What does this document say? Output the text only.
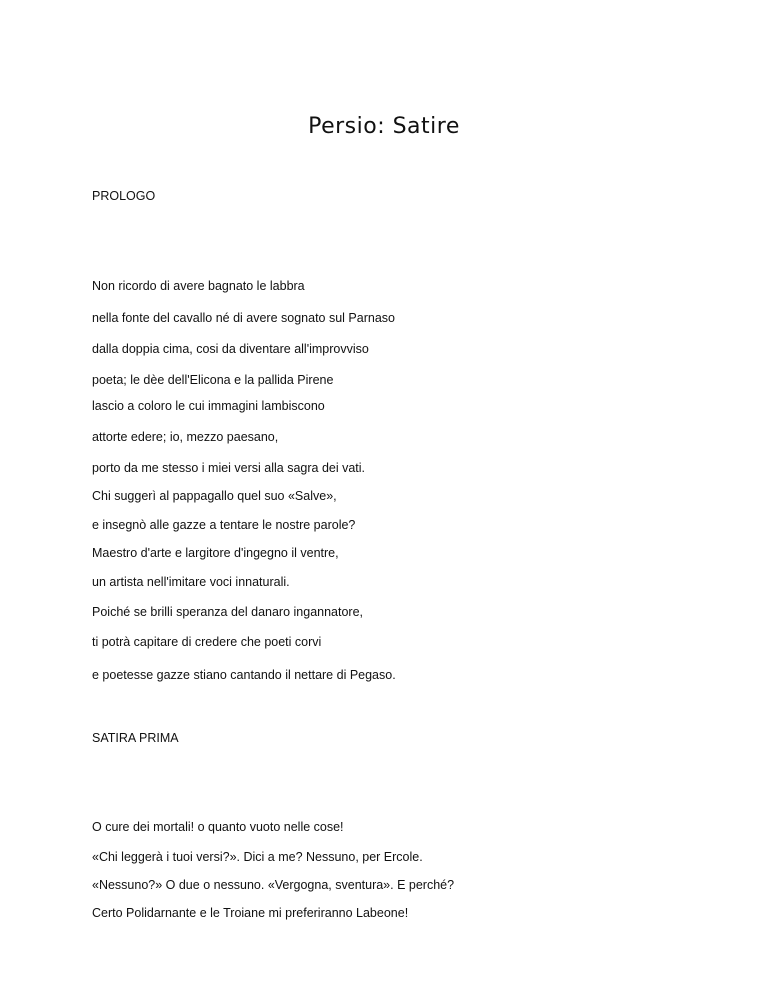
Persio: Satire
PROLOGO
Non ricordo di avere bagnato le labbra
nella fonte del cavallo né di avere sognato sul Parnaso
dalla doppia cima, cosi da diventare all'improvviso
poeta; le dèe dell'Elicona e la pallida Pirene
lascio a coloro le cui immagini lambiscono
attorte edere; io, mezzo paesano,
porto da me stesso i miei versi alla sagra dei vati.
Chi suggerì al pappagallo quel suo «Salve»,
e insegnò alle gazze a tentare le nostre parole?
Maestro d'arte e largitore d'ingegno il ventre,
un artista nell'imitare voci innaturali.
Poiché se brilli speranza del danaro ingannatore,
ti potrà capitare di credere che poeti corvi
e poetesse gazze stiano cantando il nettare di Pegaso.
SATIRA PRIMA
O cure dei mortali! o quanto vuoto nelle cose!
«Chi leggerà i tuoi versi?». Dici a me? Nessuno, per Ercole.
«Nessuno?» O due o nessuno. «Vergogna, sventura». E perché?
Certo Polidarnante e le Troiane mi preferiranno Labeone!
